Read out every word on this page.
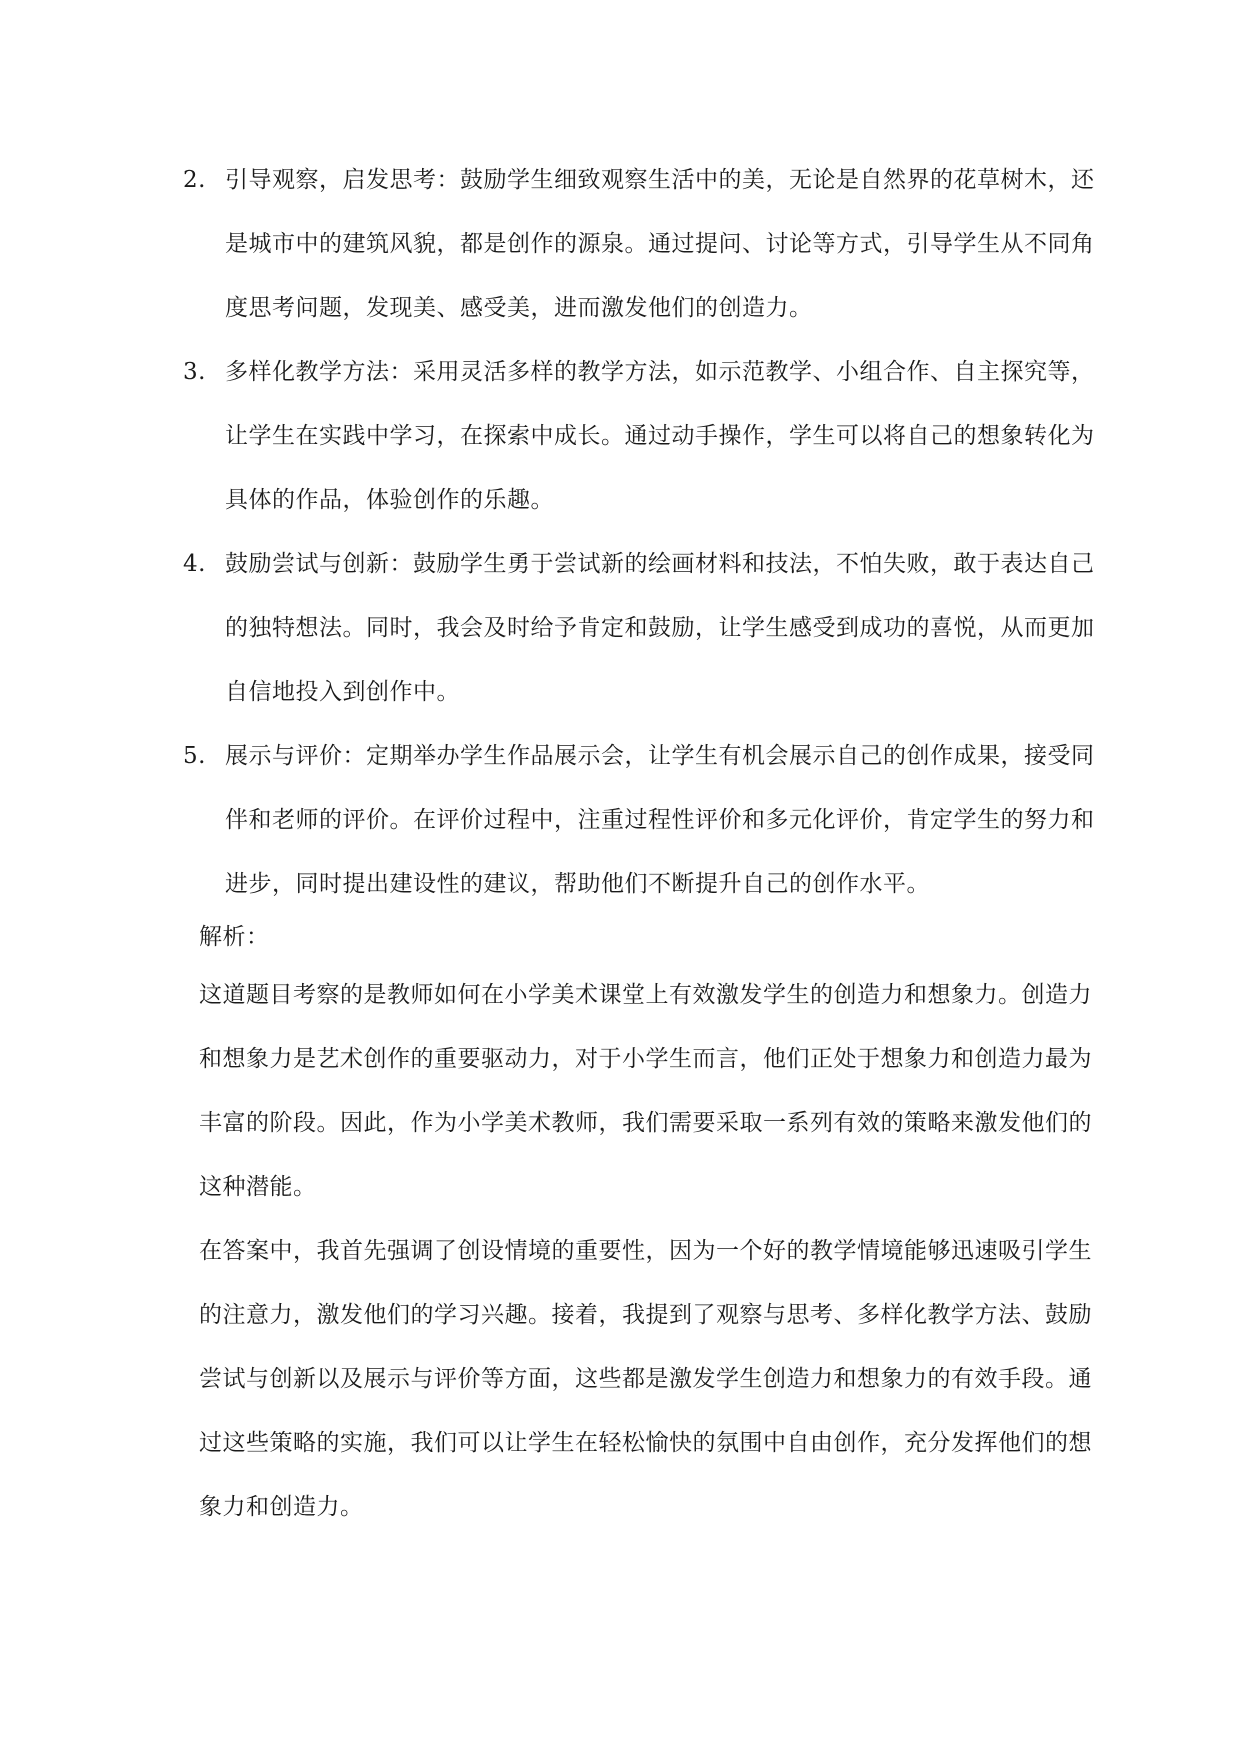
2. 引导观察，启发思考：鼓励学生细致观察生活中的美，无论是自然界的花草树木，还是城市中的建筑风貌，都是创作的源泉。通过提问、讨论等方式，引导学生从不同角度思考问题，发现美、感受美，进而激发他们的创造力。
3. 多样化教学方法：采用灵活多样的教学方法，如示范教学、小组合作、自主探究等，让学生在实践中学习，在探索中成长。通过动手操作，学生可以将自己的想象转化为具体的作品，体验创作的乐趣。
4. 鼓励尝试与创新：鼓励学生勇于尝试新的绘画材料和技法，不怕失败，敢于表达自己的独特想法。同时，我会及时给予肯定和鼓励，让学生感受到成功的喜悦，从而更加自信地投入到创作中。
5. 展示与评价：定期举办学生作品展示会，让学生有机会展示自己的创作成果，接受同伴和老师的评价。在评价过程中，注重过程性评价和多元化评价，肯定学生的努力和进步，同时提出建设性的建议，帮助他们不断提升自己的创作水平。
解析：

这道题目考察的是教师如何在小学美术课堂上有效激发学生的创造力和想象力。创造力和想象力是艺术创作的重要驱动力，对于小学生而言，他们正处于想象力和创造力最为丰富的阶段。因此，作为小学美术教师，我们需要采取一系列有效的策略来激发他们的这种潜能。

在答案中，我首先强调了创设情境的重要性，因为一个好的教学情境能够迅速吸引学生的注意力，激发他们的学习兴趣。接着，我提到了观察与思考、多样化教学方法、鼓励尝试与创新以及展示与评价等方面，这些都是激发学生创造力和想象力的有效手段。通过这些策略的实施，我们可以让学生在轻松愉快的氛围中自由创作，充分发挥他们的想象力和创造力。
